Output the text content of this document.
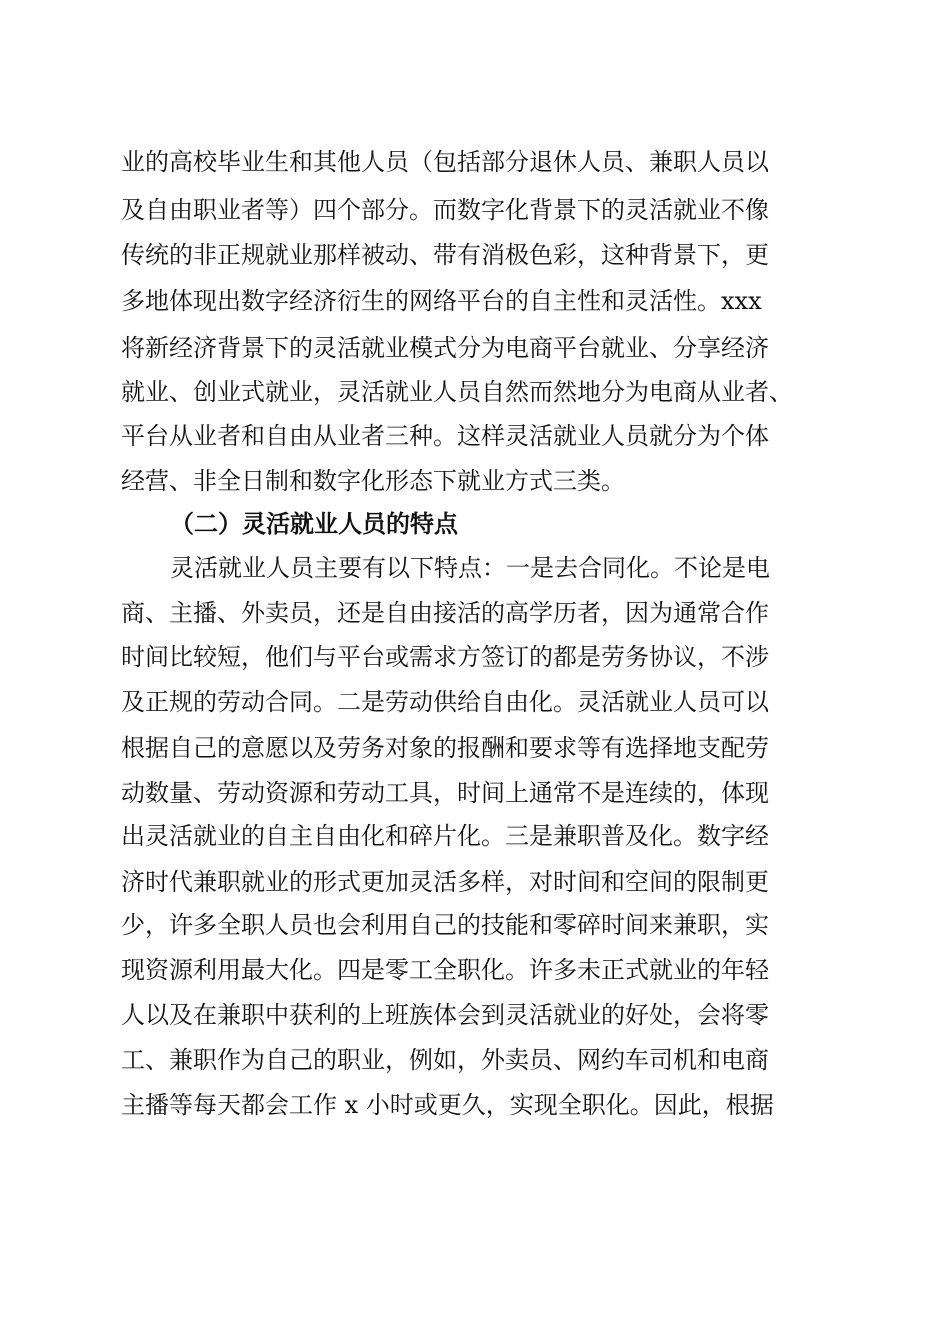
业的高校毕业生和其他人员（包括部分退休人员、兼职人员以
及自由职业者等）四个部分。而数字化背景下的灵活就业不像
传统的非正规就业那样被动、带有消极色彩，这种背景下，更
多地体现出数字经济衍生的网络平台的自主性和灵活性。xxx
将新经济背景下的灵活就业模式分为电商平台就业、分享经济
就业、创业式就业，灵活就业人员自然而然地分为电商从业者、
平台从业者和自由从业者三种。这样灵活就业人员就分为个体
经营、非全日制和数字化形态下就业方式三类。
（二）灵活就业人员的特点
灵活就业人员主要有以下特点：一是去合同化。不论是电
商、主播、外卖员，还是自由接活的高学历者，因为通常合作
时间比较短，他们与平台或需求方签订的都是劳务协议，不涉
及正规的劳动合同。二是劳动供给自由化。灵活就业人员可以
根据自己的意愿以及劳务对象的报酬和要求等有选择地支配劳
动数量、劳动资源和劳动工具，时间上通常不是连续的，体现
出灵活就业的自主自由化和碎片化。三是兼职普及化。数字经
济时代兼职就业的形式更加灵活多样，对时间和空间的限制更
少，许多全职人员也会利用自己的技能和零碎时间来兼职，实
现资源利用最大化。四是零工全职化。许多未正式就业的年轻
人以及在兼职中获利的上班族体会到灵活就业的好处，会将零
工、兼职作为自己的职业，例如，外卖员、网约车司机和电商
主播等每天都会工作 x 小时或更久，实现全职化。因此，根据
